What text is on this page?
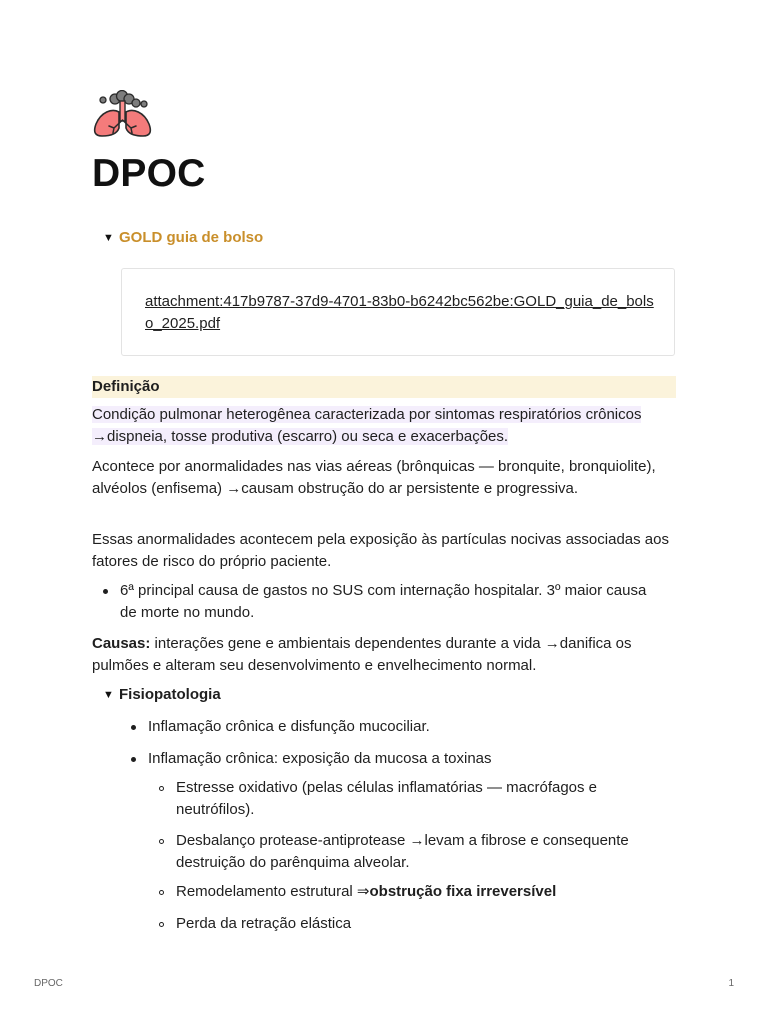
DPOC
▼ GOLD guia de bolso
attachment:417b9787-37d9-4701-83b0-b6242bc562be:GOLD_guia_de_bolso_2025.pdf
Definição

Condição pulmonar heterogênea caracterizada por sintomas respiratórios crônicos →dispneia, tosse produtiva (escarro) ou seca e exacerbações.

Acontece por anormalidades nas vias aéreas (brônquicas — bronquite, bronquiolite), alvéolos (enfisema) →causam obstrução do ar persistente e progressiva.

Essas anormalidades acontecem pela exposição às partículas nocivas associadas aos fatores de risco do próprio paciente.

6ª principal causa de gastos no SUS com internação hospitalar. 3º maior causa de morte no mundo.

Causas: interações gene e ambientais dependentes durante a vida →danifica os pulmões e alteram seu desenvolvimento e envelhecimento normal.

▼ Fisiopatologia

Inflamação crônica e disfunção mucociliar.

Inflamação crônica: exposição da mucosa a toxinas

Estresse oxidativo (pelas células inflamatórias — macrófagos e neutrófilos).

Desbalanço protease-antiprotease →levam a fibrose e consequente destruição do parênquima alveolar.

Remodelamento estrutural ⇒obstrução fixa irreversível

Perda da retração elástica

DPOC	1
